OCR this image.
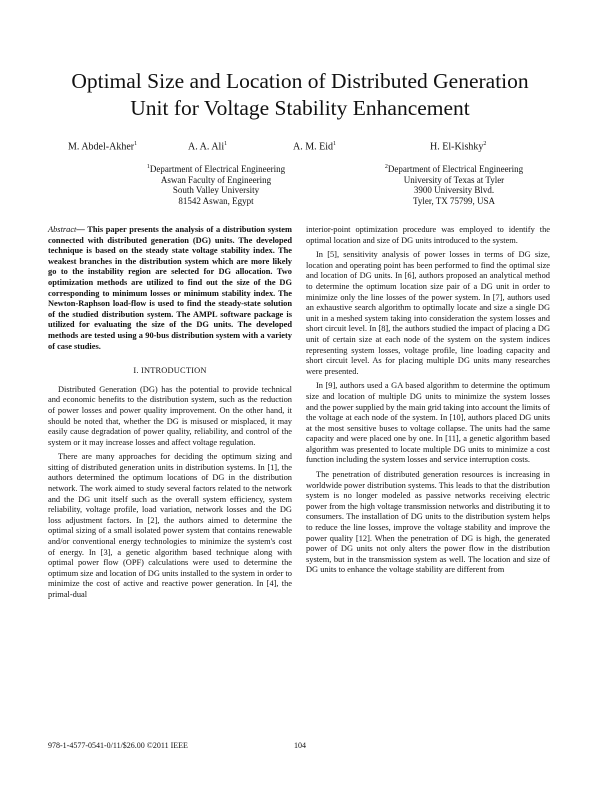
Optimal Size and Location of Distributed Generation
Unit for Voltage Stability Enhancement
M. Abdel-Akher$^1$	A. A. Ali$^1$	A. M. Eid$^1$	H. El-Kishky$^2$
$^1$Department of Electrical Engineering
Aswan Faculty of Engineering
South Valley University
81542 Aswan, Egypt
$^2$Department of Electrical Engineering
University of Texas at Tyler
3900 University Blvd.
Tyler, TX 75799, USA

Abstract— This paper presents the analysis of a distribution system connected with distributed generation (DG) units. The developed technique is based on the steady state voltage stability index. The weakest branches in the distribution system which are more likely go to the instability region are selected for DG allocation. Two optimization methods are utilized to find out the size of the DG corresponding to minimum losses or minimum stability index. The Newton-Raphson load-flow is used to find the steady-state solution of the studied distribution system. The AMPL software package is utilized for evaluating the size of the DG units. The developed methods are tested using a 90-bus distribution system with a variety of case studies.

I. INTRODUCTION

Distributed Generation (DG) has the potential to provide technical and economic benefits to the distribution system, such as the reduction of power losses and power quality improvement. On the other hand, it should be noted that, whether the DG is misused or misplaced, it may easily cause degradation of power quality, reliability, and control of the system or it may increase losses and affect voltage regulation.

There are many approaches for deciding the optimum sizing and sitting of distributed generation units in distribution systems. In [1], the authors determined the optimum locations of DG in the distribution network. The work aimed to study several factors related to the network and the DG unit itself such as the overall system efficiency, system reliability, voltage profile, load variation, network losses and the DG loss adjustment factors. In [2], the authors aimed to determine the optimal sizing of a small isolated power system that contains renewable and/or conventional energy technologies to minimize the system's cost of energy. In [3], a genetic algorithm based technique along with optimal power flow (OPF) calculations were used to determine the optimum size and location of DG units installed to the system in order to minimize the cost of active and reactive power generation. In [4], the primal-dual

interior-point optimization procedure was employed to identify the optimal location and size of DG units introduced to the system.

In [5], sensitivity analysis of power losses in terms of DG size, location and operating point has been performed to find the optimal size and location of DG units. In [6], authors proposed an analytical method to determine the optimum location size pair of a DG unit in order to minimize only the line losses of the power system. In [7], authors used an exhaustive search algorithm to optimally locate and size a single DG unit in a meshed system taking into consideration the system losses and short circuit level. In [8], the authors studied the impact of placing a DG unit of certain size at each node of the system on the system indices representing system losses, voltage profile, line loading capacity and short circuit level. As for placing multiple DG units many researches were presented.

In [9], authors used a GA based algorithm to determine the optimum size and location of multiple DG units to minimize the system losses and the power supplied by the main grid taking into account the limits of the voltage at each node of the system. In [10], authors placed DG units at the most sensitive buses to voltage collapse. The units had the same capacity and were placed one by one. In [11], a genetic algorithm based algorithm was presented to locate multiple DG units to minimize a cost function including the system losses and service interruption costs.

The penetration of distributed generation resources is increasing in worldwide power distribution systems. This leads to that the distribution system is no longer modeled as passive networks receiving electric power from the high voltage transmission networks and distributing it to consumers. The installation of DG units to the distribution system helps to reduce the line losses, improve the voltage stability and improve the power quality [12]. When the penetration of DG is high, the generated power of DG units not only alters the power flow in the distribution system, but in the transmission system as well. The location and size of DG units to enhance the voltage stability are different from

978-1-4577-0541-0/11/$26.00 ©2011 IEEE	104
